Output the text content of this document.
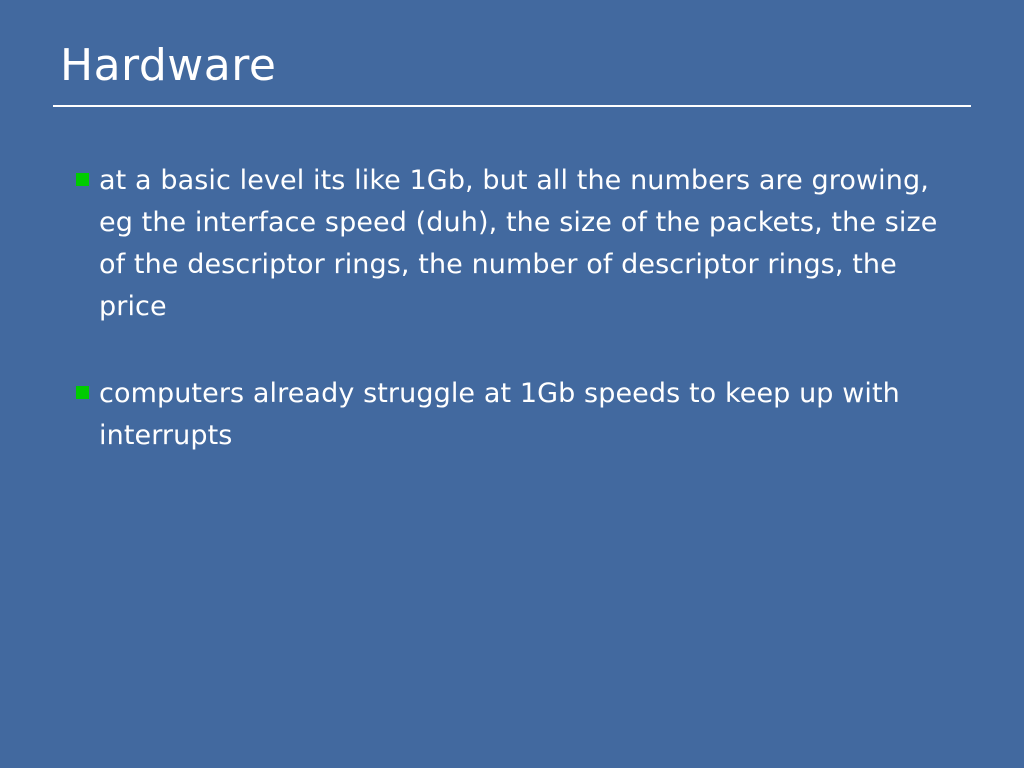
Hardware
at a basic level its like 1Gb, but all the numbers are growing, eg the interface speed (duh), the size of the packets, the size of the descriptor rings, the number of descriptor rings, the price
computers already struggle at 1Gb speeds to keep up with interrupts
